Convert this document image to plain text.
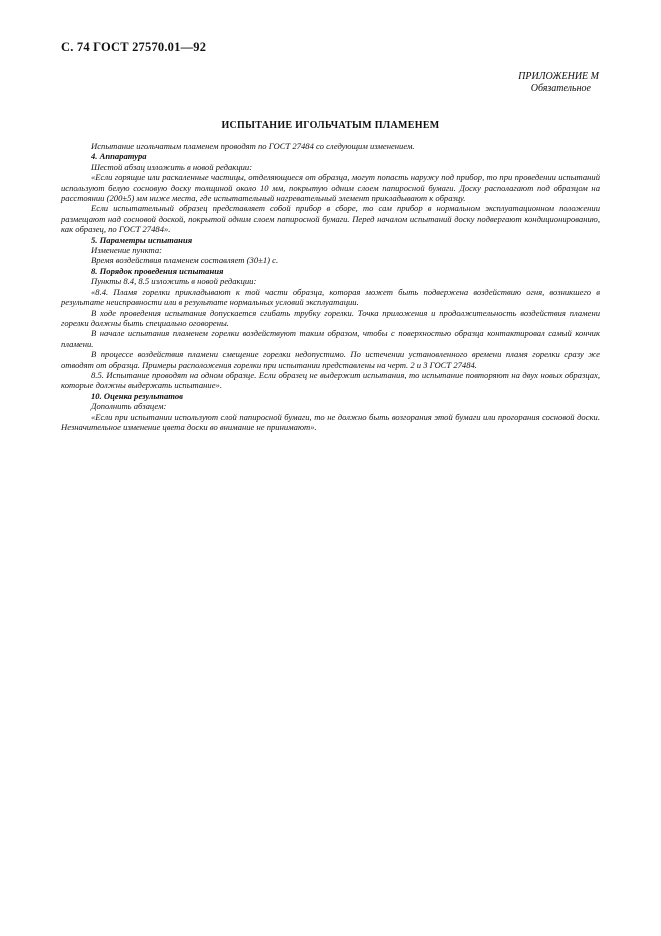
С. 74 ГОСТ 27570.01—92
ПРИЛОЖЕНИЕ М
Обязательное
ИСПЫТАНИЕ ИГОЛЬЧАТЫМ ПЛАМЕНЕМ

Испытание игольчатым пламенем проводят по ГОСТ 27484 со следующим изменением.

4. Аппаратура

Шестой абзац изложить в новой редакции:

«Если горящие или раскаленные частицы, отделяющиеся от образца, могут попасть наружу под прибор, то при проведении испытаний используют белую сосновую доску толщиной около 10 мм, покрытую одним слоем папиросной бумаги. Доску располагают под образцом на расстоянии (200±5) мм ниже места, где испытательный нагревательный элемент прикладывают к образцу.

Если испытательный образец представляет собой прибор в сборе, то сам прибор в нормальном эксплуатационном положении размещают над сосновой доской, покрытой одним слоем папиросной бумаги. Перед началом испытаний доску подвергают кондиционированию, как образец, по ГОСТ 27484».

5. Параметры испытания

Изменение пункта:

Время воздействия пламенем составляет (30±1) с.

8. Порядок проведения испытания

Пункты 8.4, 8.5 изложить в новой редакции:

«8.4. Пламя горелки прикладывают к той части образца, которая может быть подвержена воздействию огня, возникшего в результате неисправности или в результате нормальных условий эксплуатации.

В ходе проведения испытания допускается сгибать трубку горелки. Точка приложения и продолжительность воздействия пламени горелки должны быть специально оговорены.

В начале испытания пламенем горелки воздействуют таким образом, чтобы с поверхностью образца контактировал самый кончик пламени.

В процессе воздействия пламени смещение горелки недопустимо. По истечении установленного времени пламя горелки сразу же отводят от образца. Примеры расположения горелки при испытании представлены на черт. 2 и 3 ГОСТ 27484.

8.5. Испытание проводят на одном образце. Если образец не выдержит испытания, то испытание повторяют на двух новых образцах, которые должны выдержать испытание».

10. Оценка результатов

Дополнить абзацем:

«Если при испытании используют слой папиросной бумаги, то не должно быть возгорания этой бумаги или прогорания сосновой доски. Незначительное изменение цвета доски во внимание не принимают».
